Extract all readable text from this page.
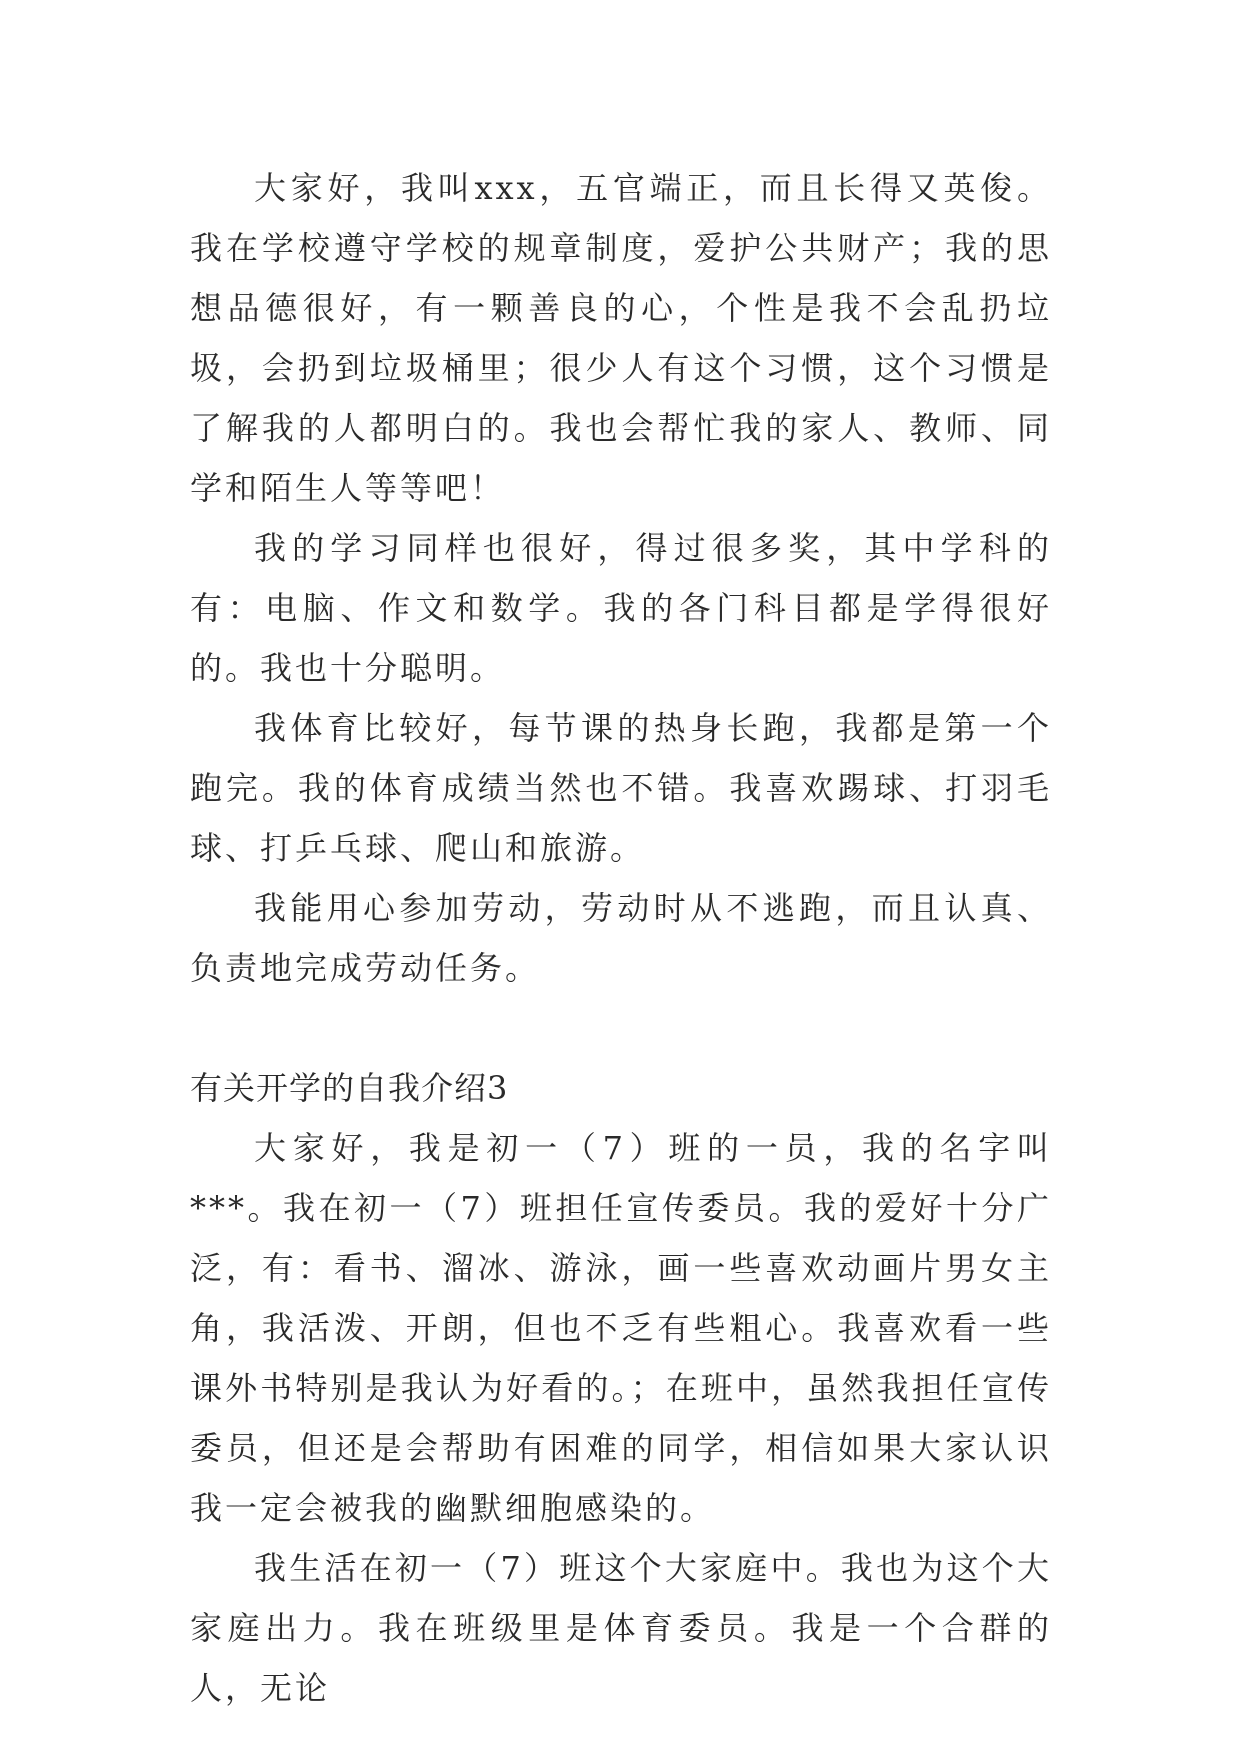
大家好，我叫xxx，五官端正，而且长得又英俊。我在学校遵守学校的规章制度，爱护公共财产；我的思想品德很好，有一颗善良的心，个性是我不会乱扔垃圾，会扔到垃圾桶里；很少人有这个习惯，这个习惯是了解我的人都明白的。我也会帮忙我的家人、教师、同学和陌生人等等吧！

我的学习同样也很好，得过很多奖，其中学科的有：电脑、作文和数学。我的各门科目都是学得很好的。我也十分聪明。

我体育比较好，每节课的热身长跑，我都是第一个跑完。我的体育成绩当然也不错。我喜欢踢球、打羽毛球、打乒乓球、爬山和旅游。

我能用心参加劳动，劳动时从不逃跑，而且认真、负责地完成劳动任务。

有关开学的自我介绍3

大家好，我是初一（7）班的一员，我的名字叫***。我在初一（7）班担任宣传委员。我的爱好十分广泛，有：看书、溜冰、游泳，画一些喜欢动画片男女主角，我活泼、开朗，但也不乏有些粗心。我喜欢看一些课外书特别是我认为好看的。；在班中，虽然我担任宣传委员，但还是会帮助有困难的同学，相信如果大家认识我一定会被我的幽默细胞感染的。

我生活在初一（7）班这个大家庭中。我也为这个大家庭出力。我在班级里是体育委员。我是一个合群的人，无论
